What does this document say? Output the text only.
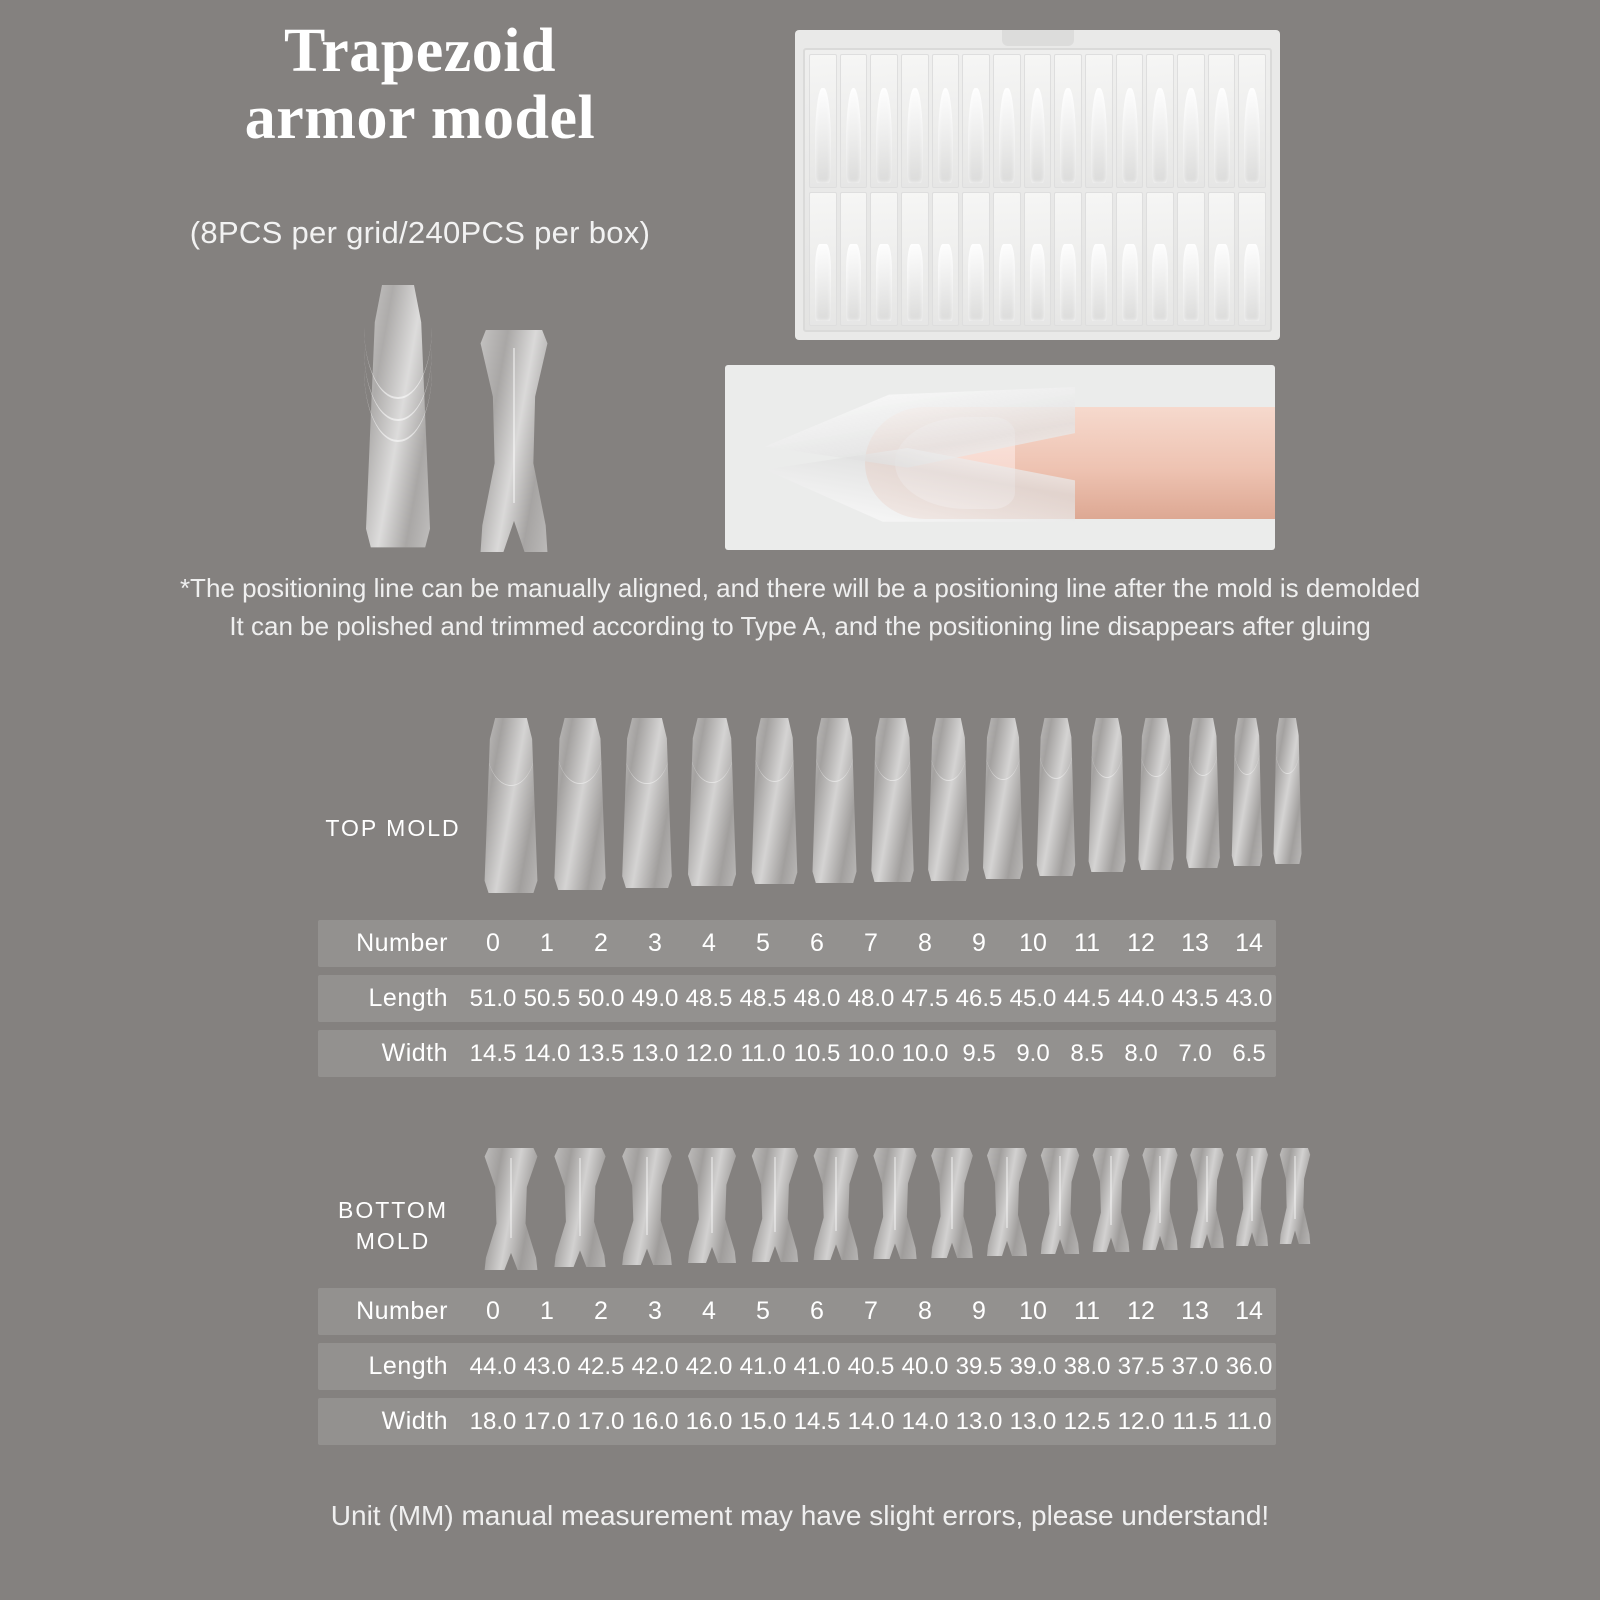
Trapezoid
armor model
(8PCS per grid/240PCS per box)
*The positioning line can be manually aligned, and there will be a positioning line after the mold is demolded
It can be polished and trimmed according to Type A, and the positioning line disappears after gluing
TOP MOLD
Number	0	1	2	3	4	5	6	7	8	9	10	11	12	13	14
Length 51.0 50.5 50.0 49.0 48.5 48.5 48.0 48.0 47.5 46.5 45.0 44.5 44.0 43.5 43.0
Width 14.5 14.0 13.5 13.0 12.0 11.0 10.5 10.0 10.0 9.5 9.0 8.5 8.0 7.0 6.5
BOTTOM
MOLD
Number	0	1	2	3	4	5	6	7	8	9	10	11	12	13	14
Length 44.0 43.0 42.5 42.0 42.0 41.0 41.0 40.5 40.0 39.5 39.0 38.0 37.5 37.0 36.0
Width 18.0 17.0 17.0 16.0 16.0 15.0 14.5 14.0 14.0 13.0 13.0 12.5 12.0 11.5 11.0
Unit (MM) manual measurement may have slight errors, please understand!
